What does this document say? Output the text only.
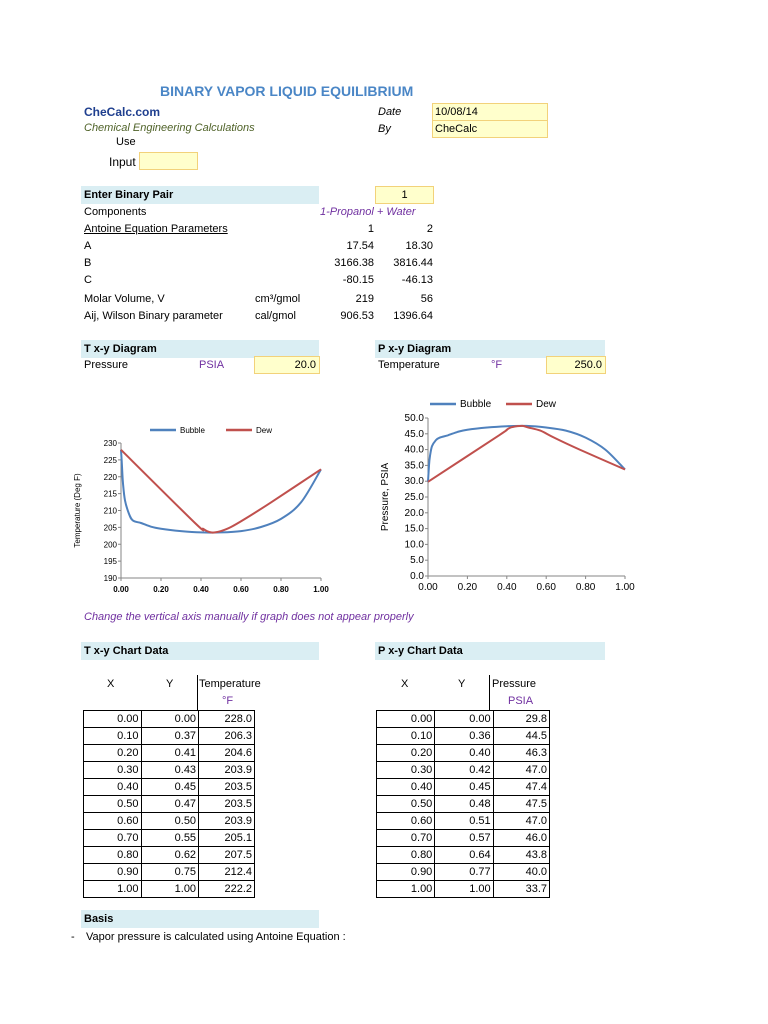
BINARY VAPOR LIQUID EQUILIBRIUM
CheCalc.com
Chemical Engineering Calculations
Date	10/08/14
By	CheCalc
Use
Input
Enter Binary Pair	1
Components	1-Propanol + Water
Antoine Equation Parameters	1	2
A	17.54	18.30
B	3166.38	3816.44
C	-80.15	-46.13
Molar Volume, V	cm³/gmol	219	56
Aij, Wilson Binary parameter	cal/gmol	906.53	1396.64
T x-y Diagram
Pressure	PSIA	20.0
P x-y Diagram
Temperature	°F	250.0
190
195
200
205
210
215
220
225
230
0.00	0.20	0.40	0.60	0.80	1.00
Temperature (Deg F)
Bubble	Dew
0.0
5.0
10.0
15.0
20.0
25.0
30.0
35.0
40.0
45.0
50.0
0.00 0.20 0.40 0.60 0.80 1.00
Pressure, PSIA
Bubble	Dew
Change the vertical axis manually if graph does not appear properly
T x-y Chart Data	P x-y Chart Data
X	Y Temperature
°F
X	Y Pressure
PSIA
0.00	0.00	228.0
0.10	0.37	206.3
0.20	0.41	204.6
0.30	0.43	203.9
0.40	0.45	203.5
0.50	0.47	203.5
0.60	0.50	203.9
0.70	0.55	205.1
0.80	0.62	207.5
0.90	0.75	212.4
1.00	1.00	222.2
0.00	0.00	29.8
0.10	0.36	44.5
0.20	0.40	46.3
0.30	0.42	47.0
0.40	0.45	47.4
0.50	0.48	47.5
0.60	0.51	47.0
0.70	0.57	46.0
0.80	0.64	43.8
0.90	0.77	40.0
1.00	1.00	33.7
Basis
- Vapor pressure is calculated using Antoine Equation :
